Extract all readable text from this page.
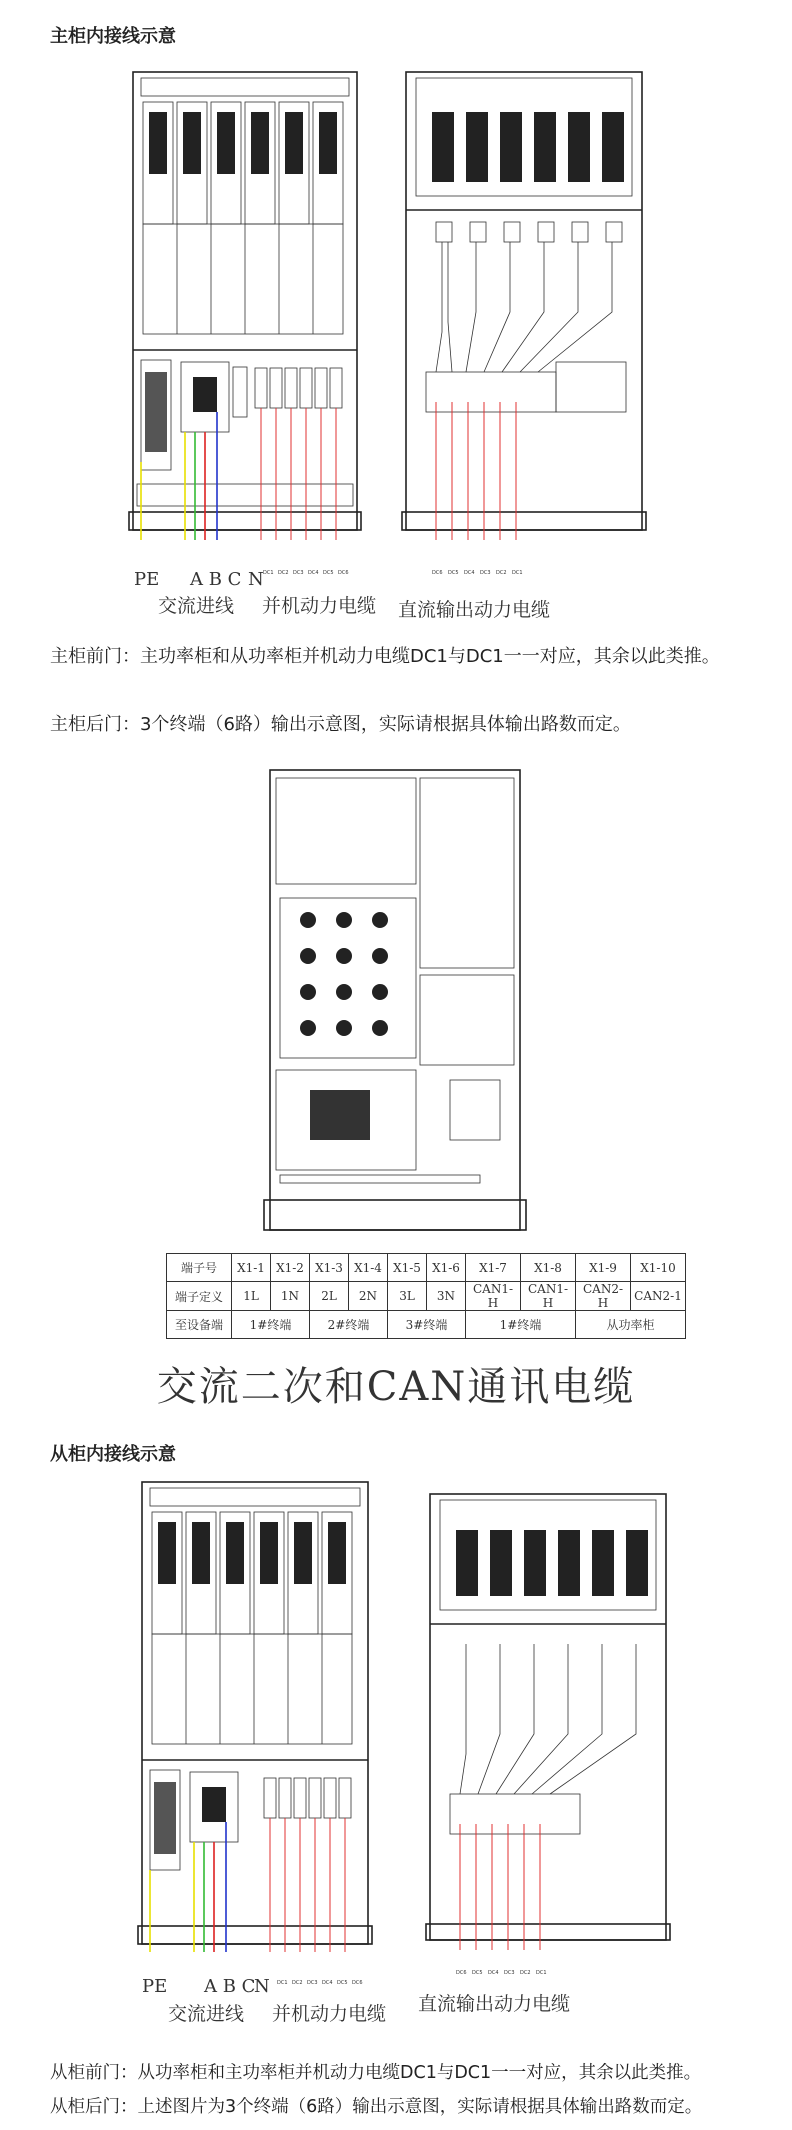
主柜内接线示意
PE A B C N DC1 DC2 DC3 DC4 DC5 DC6	DC6 DC5 DC4 DC3 DC2 DC1
交流进线 并机动力电缆 直流输出动力电缆
主柜前门：主功率柜和从功率柜并机动力电缆DC1与DC1一一对应，其余以此类推。
主柜后门：3个终端（6路）输出示意图，实际请根据具体输出路数而定。
端子号	X1-1	X1-2	X1-3	X1-4	X1-5	X1-6	X1-7	X1-8	X1-9	X1-10
端子定义	1L	1N	2L	2N	3L	3N	CAN1-H	CAN1-H	CAN2-H	CAN2-1
至设备端	1#终端		2#终端		3#终端		1#终端		从功率柜	
交流二次和CAN通讯电缆
从柜内接线示意
PE A B C
N DC1 DC2 DC3 DC4 DC5 DC6
DC6 DC5 DC4 DC3 DC2 DC1
交流进线 并机动力电缆 直流输出动力电缆
从柜前门：从功率柜和主功率柜并机动力电缆DC1与DC1一一对应，其余以此类推。
从柜后门：上述图片为3个终端（6路）输出示意图，实际请根据具体输出路数而定。
